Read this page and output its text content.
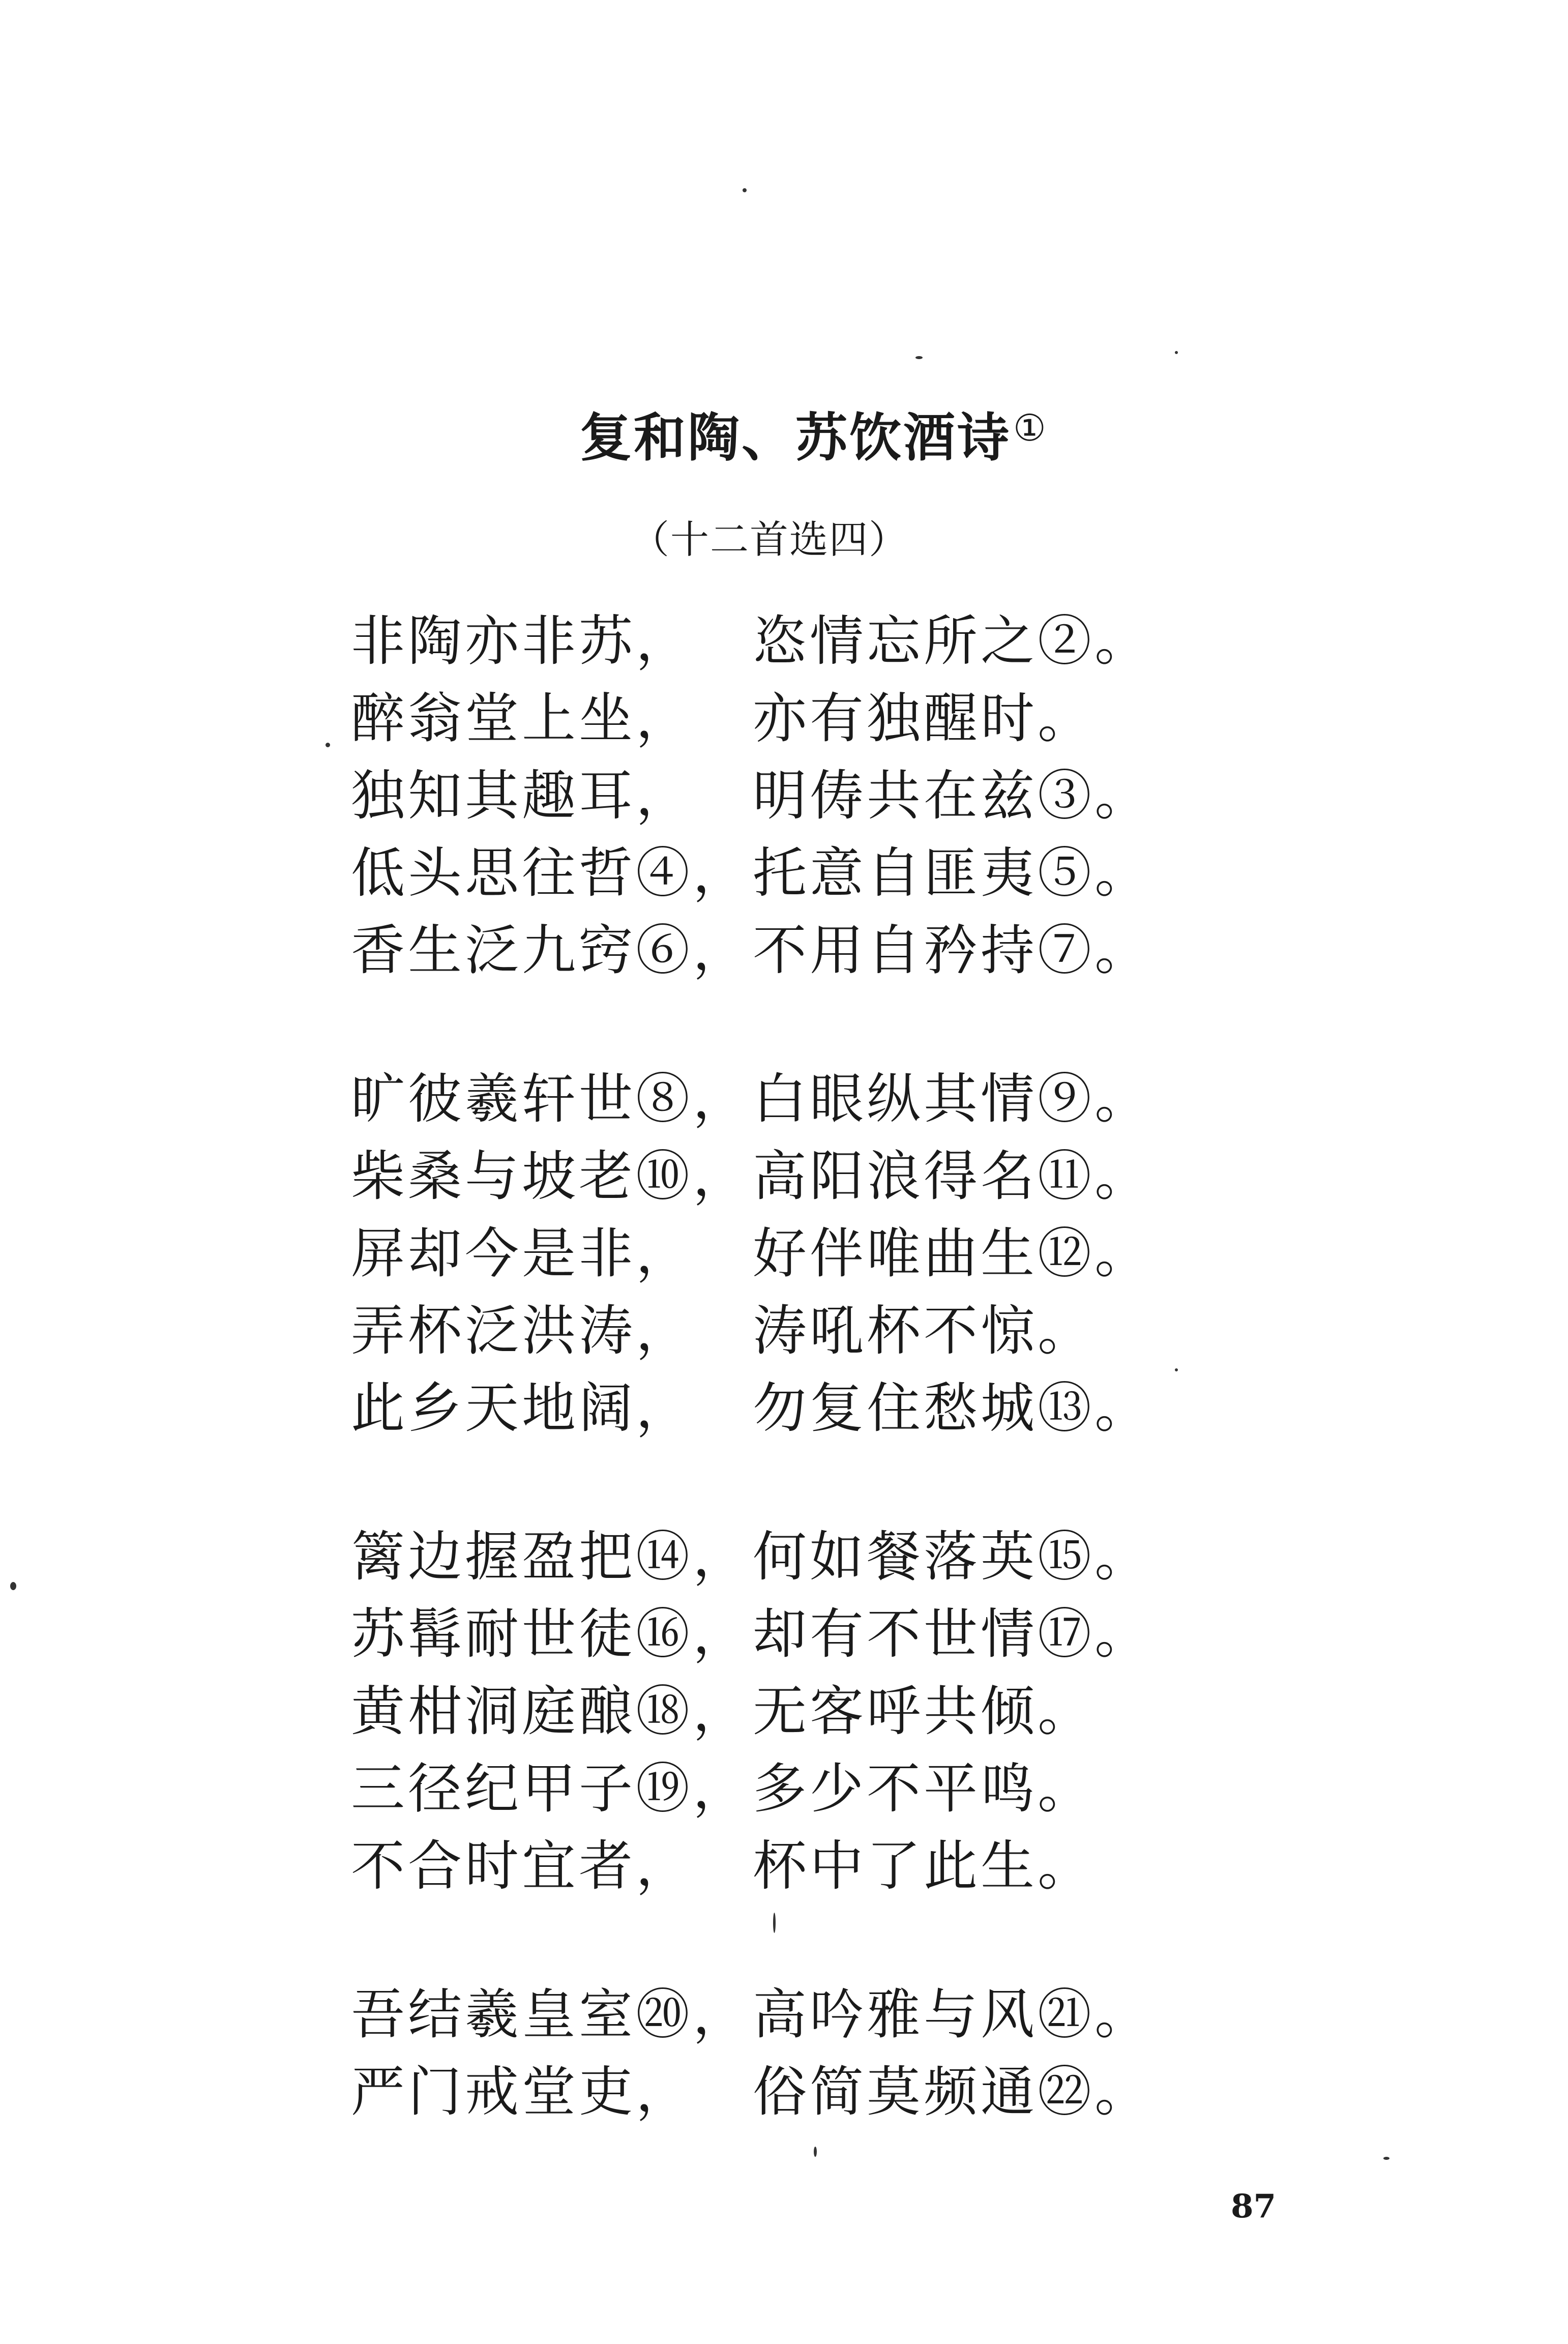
复和陶、苏饮酒诗①
（十二首选四）
非陶亦非苏， 恣情忘所之②。
醉翁堂上坐， 亦有独醒时。
独知其趣耳， 明俦共在兹③。
低头思往哲④， 托意自匪夷⑤。
香生泛九窍⑥， 不用自矜持⑦。
旷彼羲轩世⑧， 白眼纵其情⑨。
柴桑与坡老⑩， 高阳浪得名⑪。
屏却今是非， 好伴唯曲生⑫。
弄杯泛洪涛， 涛吼杯不惊。
此乡天地阔， 勿复住愁城⑬。
篱边握盈把⑭， 何如餐落英⑮。
苏髯耐世徒⑯， 却有不世情⑰。
黄柑洞庭酿⑱， 无客呼共倾。
三径纪甲子⑲， 多少不平鸣。
不合时宜者， 杯中了此生。
吾结羲皇室⑳， 高吟雅与风㉑。
严门戒堂吏， 俗简莫频通㉒。
87
